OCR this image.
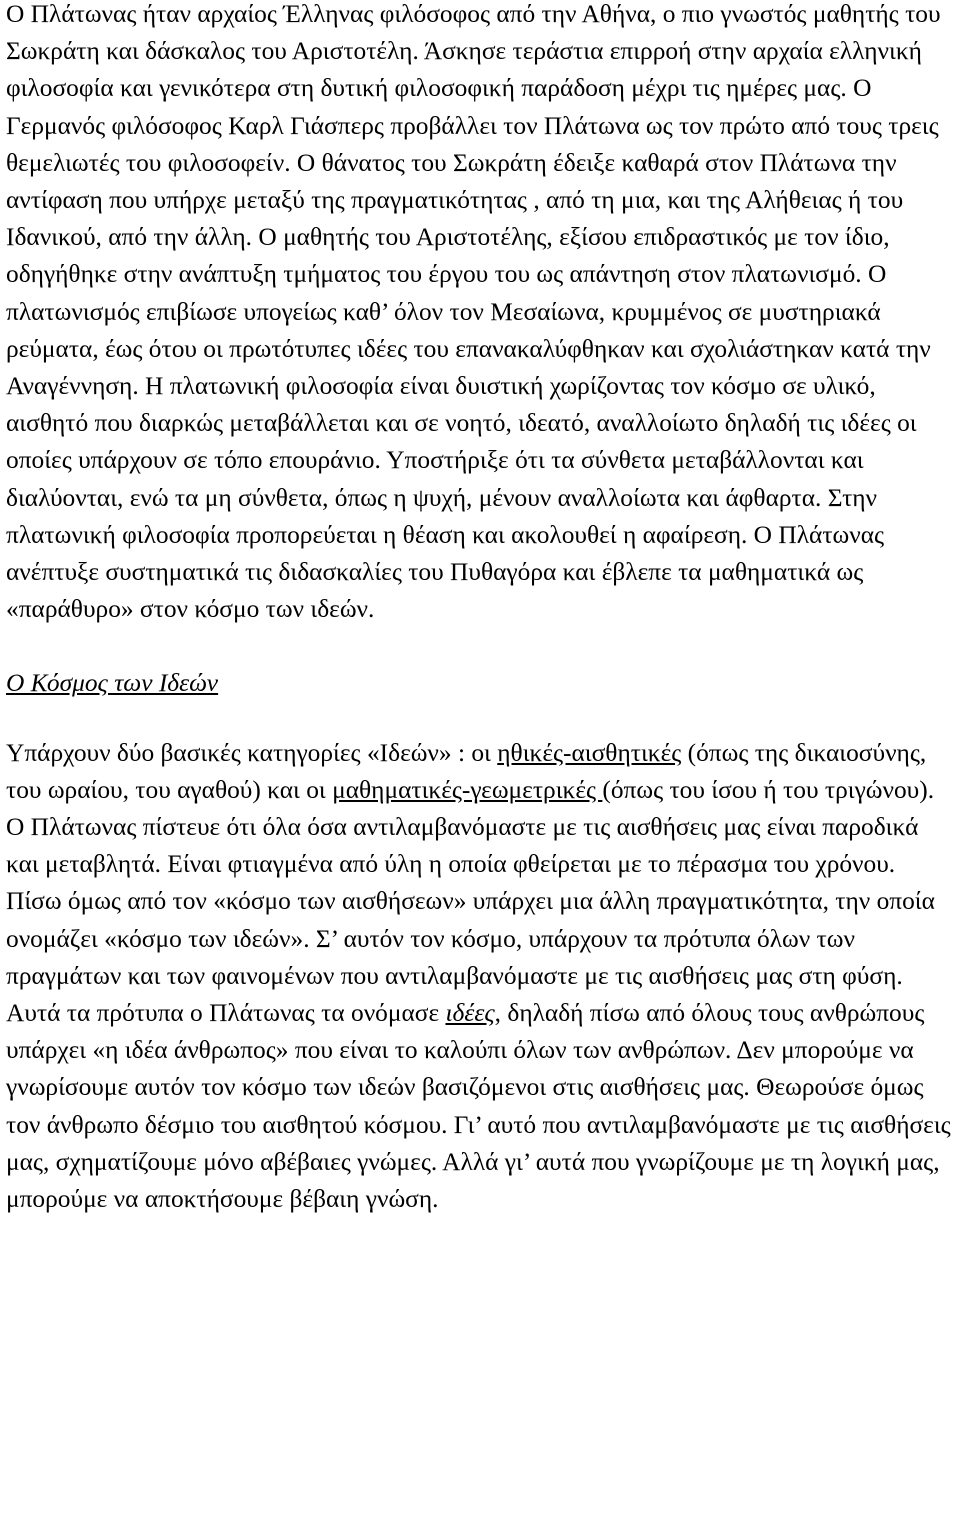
Ο Πλάτωνας ήταν αρχαίος Έλληνας φιλόσοφος από την Αθήνα, ο πιο γνωστός μαθητής του Σωκράτη και δάσκαλος του Αριστοτέλη. Άσκησε τεράστια επιρροή στην αρχαία ελληνική φιλοσοφία και γενικότερα στη δυτική φιλοσοφική παράδοση μέχρι τις ημέρες μας. Ο Γερμανός φιλόσοφος Καρλ Γιάσπερς προβάλλει τον Πλάτωνα ως τον πρώτο από τους τρεις θεμελιωτές του φιλοσοφείν. Ο θάνατος του Σωκράτη έδειξε καθαρά στον Πλάτωνα την αντίφαση που υπήρχε μεταξύ της πραγματικότητας , από τη μια, και της Αλήθειας ή του Ιδανικού, από την άλλη. Ο μαθητής του Αριστοτέλης, εξίσου επιδραστικός με τον ίδιο, οδηγήθηκε στην ανάπτυξη τμήματος του έργου του ως απάντηση στον πλατωνισμό. Ο πλατωνισμός επιβίωσε υπογείως καθ’ όλον τον Μεσαίωνα, κρυμμένος σε μυστηριακά ρεύματα, έως ότου οι πρωτότυπες ιδέες του επανακαλύφθηκαν και σχολιάστηκαν κατά την Αναγέννηση. Η πλατωνική φιλοσοφία είναι δυιστική χωρίζοντας τον κόσμο σε υλικό, αισθητό που διαρκώς μεταβάλλεται και σε νοητό, ιδεατό, αναλλοίωτο δηλαδή τις ιδέες οι οποίες υπάρχουν σε τόπο επουράνιο. Υποστήριξε ότι τα σύνθετα μεταβάλλονται και διαλύονται, ενώ τα μη σύνθετα, όπως η ψυχή, μένουν αναλλοίωτα και άφθαρτα. Στην πλατωνική φιλοσοφία προπορεύεται η θέαση και ακολουθεί η αφαίρεση. Ο Πλάτωνας ανέπτυξε συστηματικά τις διδασκαλίες του Πυθαγόρα και έβλεπε τα μαθηματικά ως «παράθυρο» στον κόσμο των ιδεών.

Ο Κόσμος των Ιδεών

Υπάρχουν δύο βασικές κατηγορίες «Ιδεών» : οι ηθικές-αισθητικές (όπως της δικαιοσύνης, του ωραίου, του αγαθού) και οι μαθηματικές-γεωμετρικές (όπως του ίσου ή του τριγώνου).

Ο Πλάτωνας πίστευε ότι όλα όσα αντιλαμβανόμαστε με τις αισθήσεις μας είναι παροδικά και μεταβλητά. Είναι φτιαγμένα από ύλη η οποία φθείρεται με το πέρασμα του χρόνου. Πίσω όμως από τον «κόσμο των αισθήσεων» υπάρχει μια άλλη πραγματικότητα, την οποία ονομάζει «κόσμο των ιδεών». Σ’ αυτόν τον κόσμο, υπάρχουν τα πρότυπα όλων των πραγμάτων και των φαινομένων που αντιλαμβανόμαστε με τις αισθήσεις μας στη φύση. Αυτά τα πρότυπα ο Πλάτωνας τα ονόμασε ιδέες, δηλαδή πίσω από όλους τους ανθρώπους υπάρχει «η ιδέα άνθρωπος» που είναι το καλούπι όλων των ανθρώπων. Δεν μπορούμε να γνωρίσουμε αυτόν τον κόσμο των ιδεών βασιζόμενοι στις αισθήσεις μας. Θεωρούσε όμως τον άνθρωπο δέσμιο του αισθητού κόσμου. Γι’ αυτό που αντιλαμβανόμαστε με τις αισθήσεις μας, σχηματίζουμε μόνο αβέβαιες γνώμες. Αλλά γι’ αυτά που γνωρίζουμε με τη λογική μας, μπορούμε να αποκτήσουμε βέβαιη γνώση.
